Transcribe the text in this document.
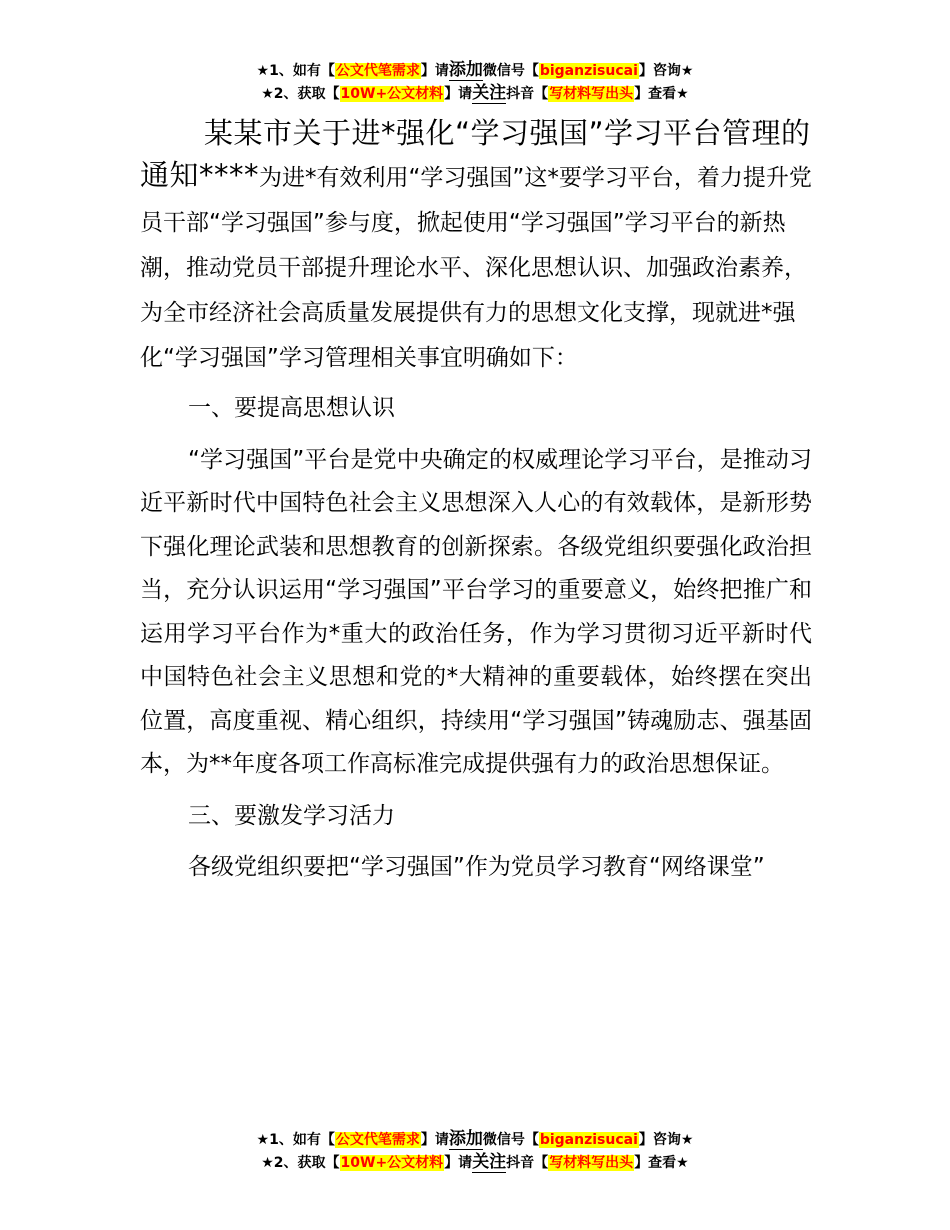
★1、如有【公文代笔需求】请添加微信号【biganzisucai】咨询★
★2、获取【10W+公文材料】请关注抖音【写材料写出头】查看★

某某市关于进*强化“学习强国”学习平台管理的通知****为进*有效利用“学习强国”这*要学习平台，着力提升党员干部“学习强国”参与度，掀起使用“学习强国”学习平台的新热潮，推动党员干部提升理论水平、深化思想认识、加强政治素养，为全市经济社会高质量发展提供有力的思想文化支撑，现就进*强化“学习强国”学习管理相关事宜明确如下：

一、要提高思想认识

“学习强国”平台是党中央确定的权威理论学习平台，是推动习近平新时代中国特色社会主义思想深入人心的有效载体，是新形势下强化理论武装和思想教育的创新探索。各级党组织要强化政治担当，充分认识运用“学习强国”平台学习的重要意义，始终把推广和运用学习平台作为*重大的政治任务，作为学习贯彻习近平新时代中国特色社会主义思想和党的*大精神的重要载体，始终摆在突出位置，高度重视、精心组织，持续用“学习强国”铸魂励志、强基固本，为**年度各项工作高标准完成提供强有力的政治思想保证。

三、要激发学习活力

各级党组织要把“学习强国”作为党员学习教育“网络课堂”

★1、如有【公文代笔需求】请添加微信号【biganzisucai】咨询★
★2、获取【10W+公文材料】请关注抖音【写材料写出头】查看★
